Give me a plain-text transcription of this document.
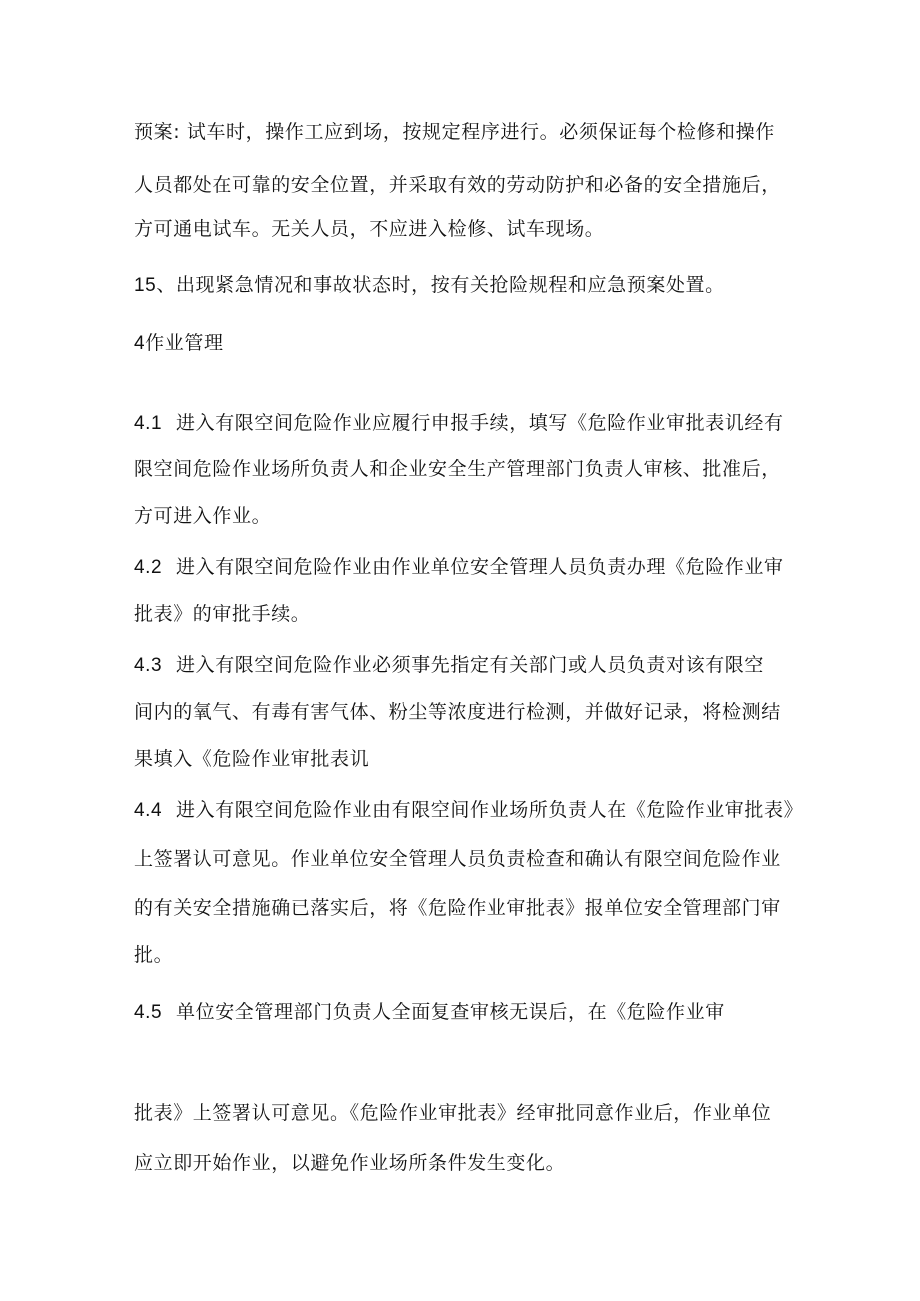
预案: 试车时，操作工应到场，按规定程序进行。必须保证每个检修和操作
人员都处在可靠的安全位置，并采取有效的劳动防护和必备的安全措施后，
方可通电试车。无关人员，不应进入检修、试车现场。
15、出现紧急情况和事故状态时，按有关抢险规程和应急预案处置。
4作业管理
4.1 进入有限空间危险作业应履行申报手续，填写《危险作业审批表讥经有
限空间危险作业场所负责人和企业安全生产管理部门负责人审核、批准后，
方可进入作业。
4.2 进入有限空间危险作业由作业单位安全管理人员负责办理《危险作业审
批表》的审批手续。
4.3 进入有限空间危险作业必须事先指定有关部门或人员负责对该有限空
间内的氧气、有毒有害气体、粉尘等浓度进行检测，并做好记录，将检测结
果填入《危险作业审批表讥
4.4 进入有限空间危险作业由有限空间作业场所负责人在《危险作业审批表》
上签署认可意见。作业单位安全管理人员负责检查和确认有限空间危险作业
的有关安全措施确已落实后，将《危险作业审批表》报单位安全管理部门审
批。
4.5 单位安全管理部门负责人全面复查审核无误后，在《危险作业审
批表》上签署认可意见。《危险作业审批表》经审批同意作业后，作业单位
应立即开始作业，以避免作业场所条件发生变化。
